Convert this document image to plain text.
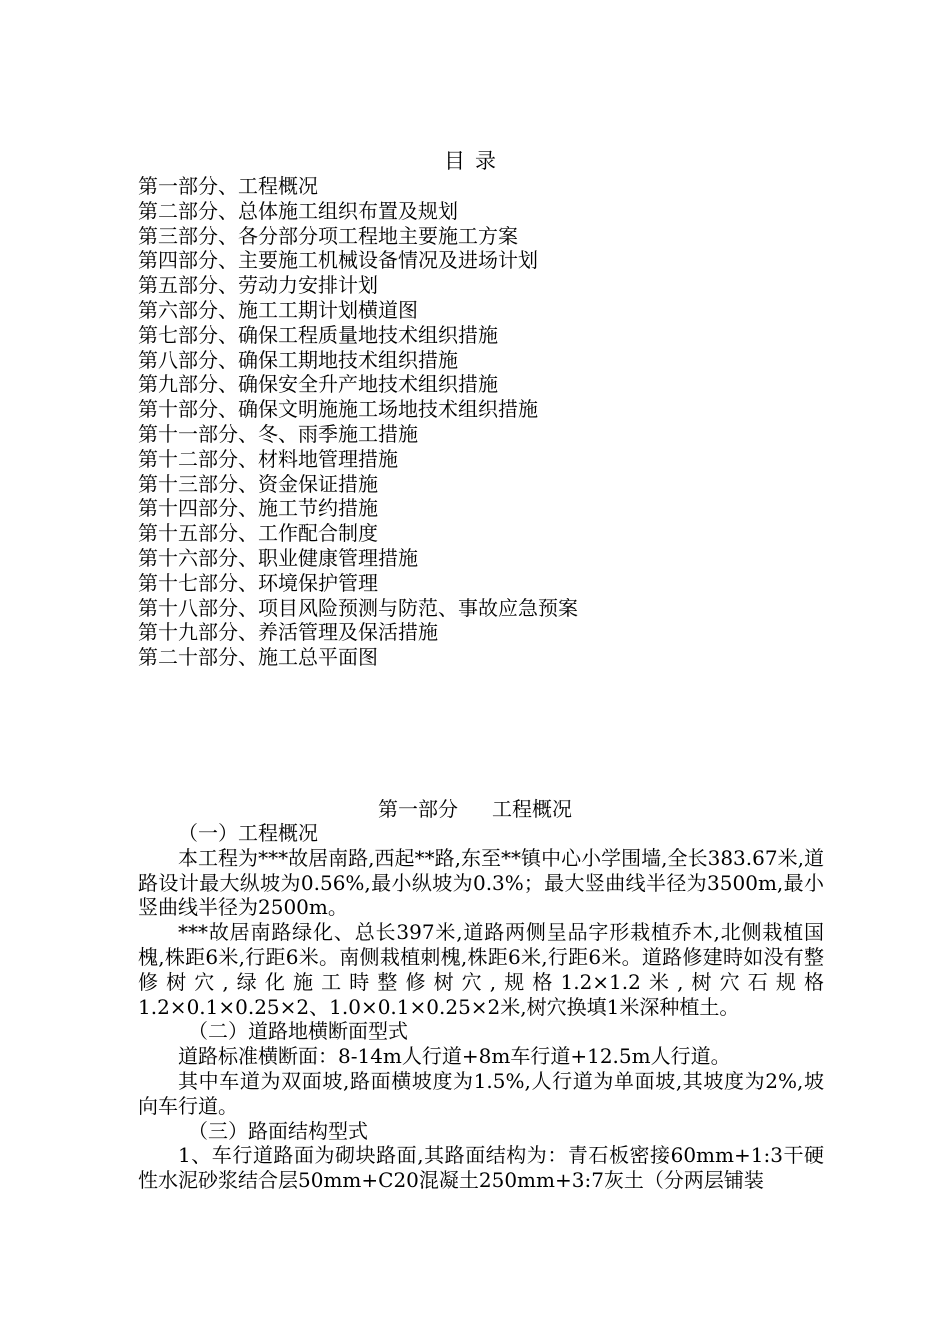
目录
第一部分、工程概况
第二部分、总体施工组织布置及规划
第三部分、各分部分项工程地主要施工方案
第四部分、主要施工机械设备情况及进场计划
第五部分、劳动力安排计划
第六部分、施工工期计划横道图
第七部分、确保工程质量地技术组织措施
第八部分、确保工期地技术组织措施
第九部分、确保安全升产地技术组织措施
第十部分、确保文明施施工场地技术组织措施
第十一部分、冬、雨季施工措施
第十二部分、材料地管理措施
第十三部分、资金保证措施
第十四部分、施工节约措施
第十五部分、工作配合制度
第十六部分、职业健康管理措施
第十七部分、环境保护管理
第十八部分、项目风险预测与防范、事故应急预案
第十九部分、养活管理及保活措施
第二十部分、施工总平面图
第一部分 工程概况
（一）工程概况
本工程为***故居南路,西起**路,东至**镇中心小学围墙,全长383.67米,道路设计最大纵坡为0.56%,最小纵坡为0.3%；最大竖曲线半径为3500m,最小竖曲线半径为2500m。
***故居南路绿化、总长397米,道路两侧呈品字形栽植乔木,北侧栽植国槐,株距6米,行距6米。南侧栽植刺槐,株距6米,行距6米。道路修建時如没有整修树穴,绿化施工時整修树穴,规格1.2×1.2米,树穴石规格1.2×0.1×0.25×2、1.0×0.1×0.25×2米,树穴换填1米深种植土。
（二）道路地横断面型式
道路标准横断面：8-14m人行道+8m车行道+12.5m人行道。
其中车道为双面坡,路面横坡度为1.5%,人行道为单面坡,其坡度为2%,坡向车行道。
（三）路面结构型式
1、车行道路面为砌块路面,其路面结构为：青石板密接60mm+1:3干硬性水泥砂浆结合层50mm+C20混凝土250mm+3:7灰土（分两层铺装
